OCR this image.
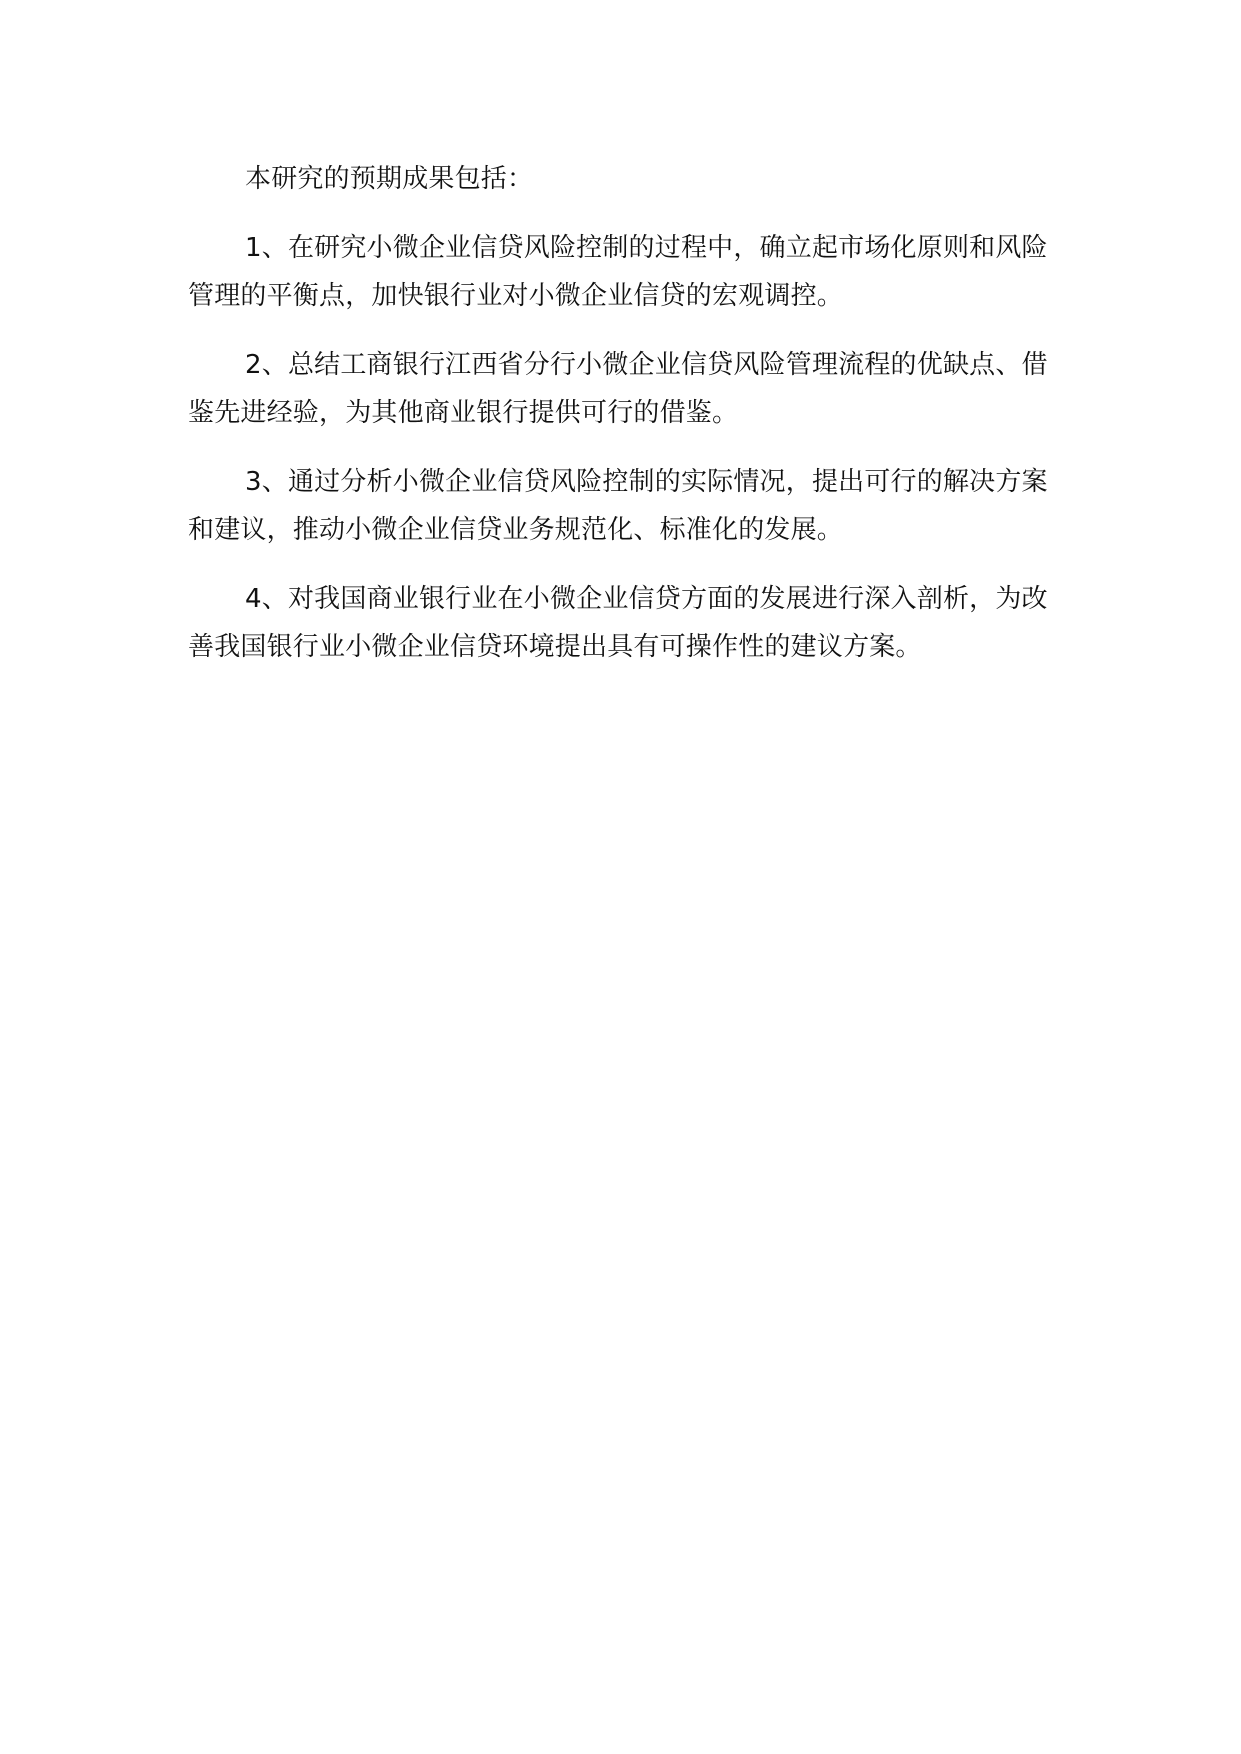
本研究的预期成果包括：

1、在研究小微企业信贷风险控制的过程中，确立起市场化原则和风险管理的平衡点，加快银行业对小微企业信贷的宏观调控。

2、总结工商银行江西省分行小微企业信贷风险管理流程的优缺点、借鉴先进经验，为其他商业银行提供可行的借鉴。

3、通过分析小微企业信贷风险控制的实际情况，提出可行的解决方案和建议，推动小微企业信贷业务规范化、标准化的发展。

4、对我国商业银行业在小微企业信贷方面的发展进行深入剖析，为改善我国银行业小微企业信贷环境提出具有可操作性的建议方案。
